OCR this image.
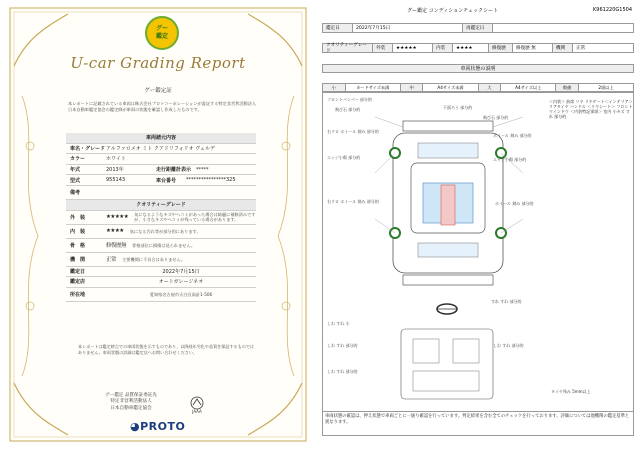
グー
鑑定
U-car Grading Report
グー鑑定証
本レポートに記載されている車両は株式会社プロトコーポレーションが委託する特定非営利活動法人日本自動車鑑定協会の鑑定師が車両の状態を確認し作成したものです。
車両諸元内容
車名・グレード アルファロメオ ミト クアドリフォリオ ヴェルデ
カラー	ホワイト
年式	2013年	走行距離計表示 *****
型式	955143	車台番号	****************325
備考
クオリティーグレード
外　装	★★★★★ 気になるようなキズやヘコミがあった場合は綺麗に補修済みですが、小さなキズやヘコミが残っている場合があります。
内　装	★★★★ 気になる汚れ等が部分的にあります。
骨　格	修復歴無 骨格部位に損傷は見られません。
機　関	正常 主要機関に不具合はありません。
鑑定日	2022年7月15日
鑑定店	オートガレージネオ
所在地	愛知県名古屋市天白区高針1-506
本レポートは鑑定時点での車両状態を示すものであり、以降経年劣化や品質を保証するものではありません。車両状態の詳細は鑑定店へお問い合わせください。
グー鑑定 品質保証委託先
特定非営利活動法人
日本自動車鑑定協会
JAAA
◕PROTO
グー鑑定 コンディションチェックシート	K961220G1504
鑑定日	2022年7月15日	再鑑定日
クオリティーグレード
外装	★★★★★	内装	★★★★	修復歴	修復歴 無	機関	正常
車両状態の説明
小	カードサイズ未満	中	A4サイズ未満	大	A4サイズ以上	数値	2項以上
フロントバンパー 部分的
飛び石 部分的	下面ろう 部分的
飛び石 部分的
右リロ ホイール 刻み 部分的
ホイール 刻み 部分的
エッジ小傷 部分的	エッジ小傷 部分的
右リロ ホイール 刻み 部分的	ホイール 刻み 部分的
すれ すれ 部分的
しわ すれ 小
しわ すれ 部分的	しわ すれ 部分的
しわ すれ 部分的
＜内装＞ 前席 リヤ リヤゲート＜インテリア＞ リアタイヤ ハンドル ＜リヤシート＞ フロントウインドウ ＜内装特記事項＞ 室内 小キズ すれ 部分的
タイヤ残み 5mm以上
車両状態の確認は、押え状態で車両ごとに一通り確認を行っています。判定結果を含む全てのチェックを行っております。評価については他機関の鑑定基準と異なります。
